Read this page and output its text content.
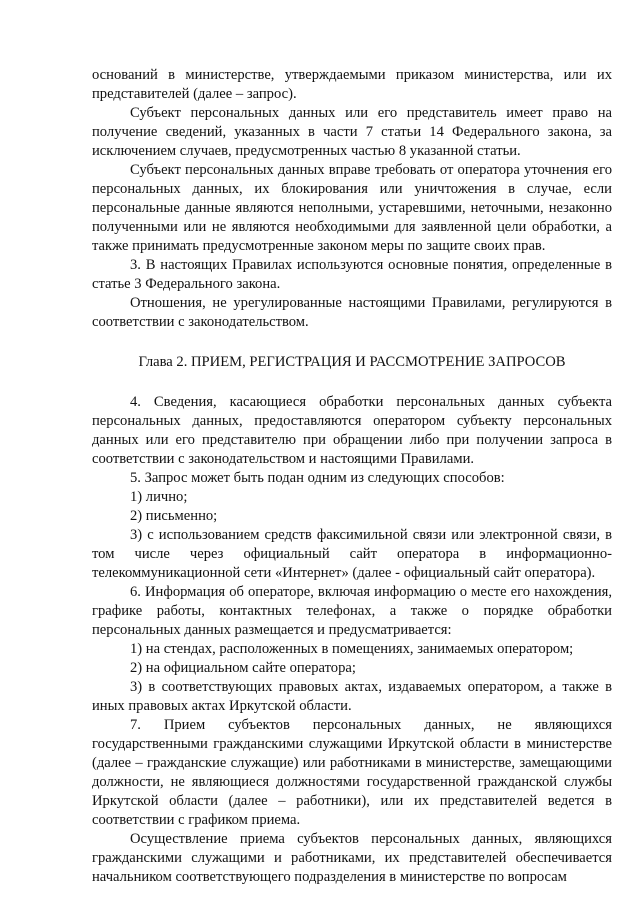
оснований в министерстве, утверждаемыми приказом министерства, или их представителей (далее – запрос).

Субъект персональных данных или его представитель имеет право на получение сведений, указанных в части 7 статьи 14 Федерального закона, за исключением случаев, предусмотренных частью 8 указанной статьи.

Субъект персональных данных вправе требовать от оператора уточнения его персональных данных, их блокирования или уничтожения в случае, если персональные данные являются неполными, устаревшими, неточными, незаконно полученными или не являются необходимыми для заявленной цели обработки, а также принимать предусмотренные законом меры по защите своих прав.

3. В настоящих Правилах используются основные понятия, определенные в статье 3 Федерального закона.

Отношения, не урегулированные настоящими Правилами, регулируются в соответствии с законодательством.

Глава 2. ПРИЕМ, РЕГИСТРАЦИЯ И РАССМОТРЕНИЕ ЗАПРОСОВ

4. Сведения, касающиеся обработки персональных данных субъекта персональных данных, предоставляются оператором субъекту персональных данных или его представителю при обращении либо при получении запроса в соответствии с законодательством и настоящими Правилами.

5. Запрос может быть подан одним из следующих способов:

1) лично;

2) письменно;

3) с использованием средств факсимильной связи или электронной связи, в том числе через официальный сайт оператора в информационно-телекоммуникационной сети «Интернет» (далее - официальный сайт оператора).

6. Информация об операторе, включая информацию о месте его нахождения, графике работы, контактных телефонах, а также о порядке обработки персональных данных размещается и предусматривается:

1) на стендах, расположенных в помещениях, занимаемых оператором;

2) на официальном сайте оператора;

3) в соответствующих правовых актах, издаваемых оператором, а также в иных правовых актах Иркутской области.

7. Прием субъектов персональных данных, не являющихся государственными гражданскими служащими Иркутской области в министерстве (далее – гражданские служащие) или работниками в министерстве, замещающими должности, не являющиеся должностями государственной гражданской службы Иркутской области (далее – работники), или их представителей ведется в соответствии с графиком приема.

Осуществление приема субъектов персональных данных, являющихся гражданскими служащими и работниками, их представителей обеспечивается начальником соответствующего подразделения в министерстве по вопросам
